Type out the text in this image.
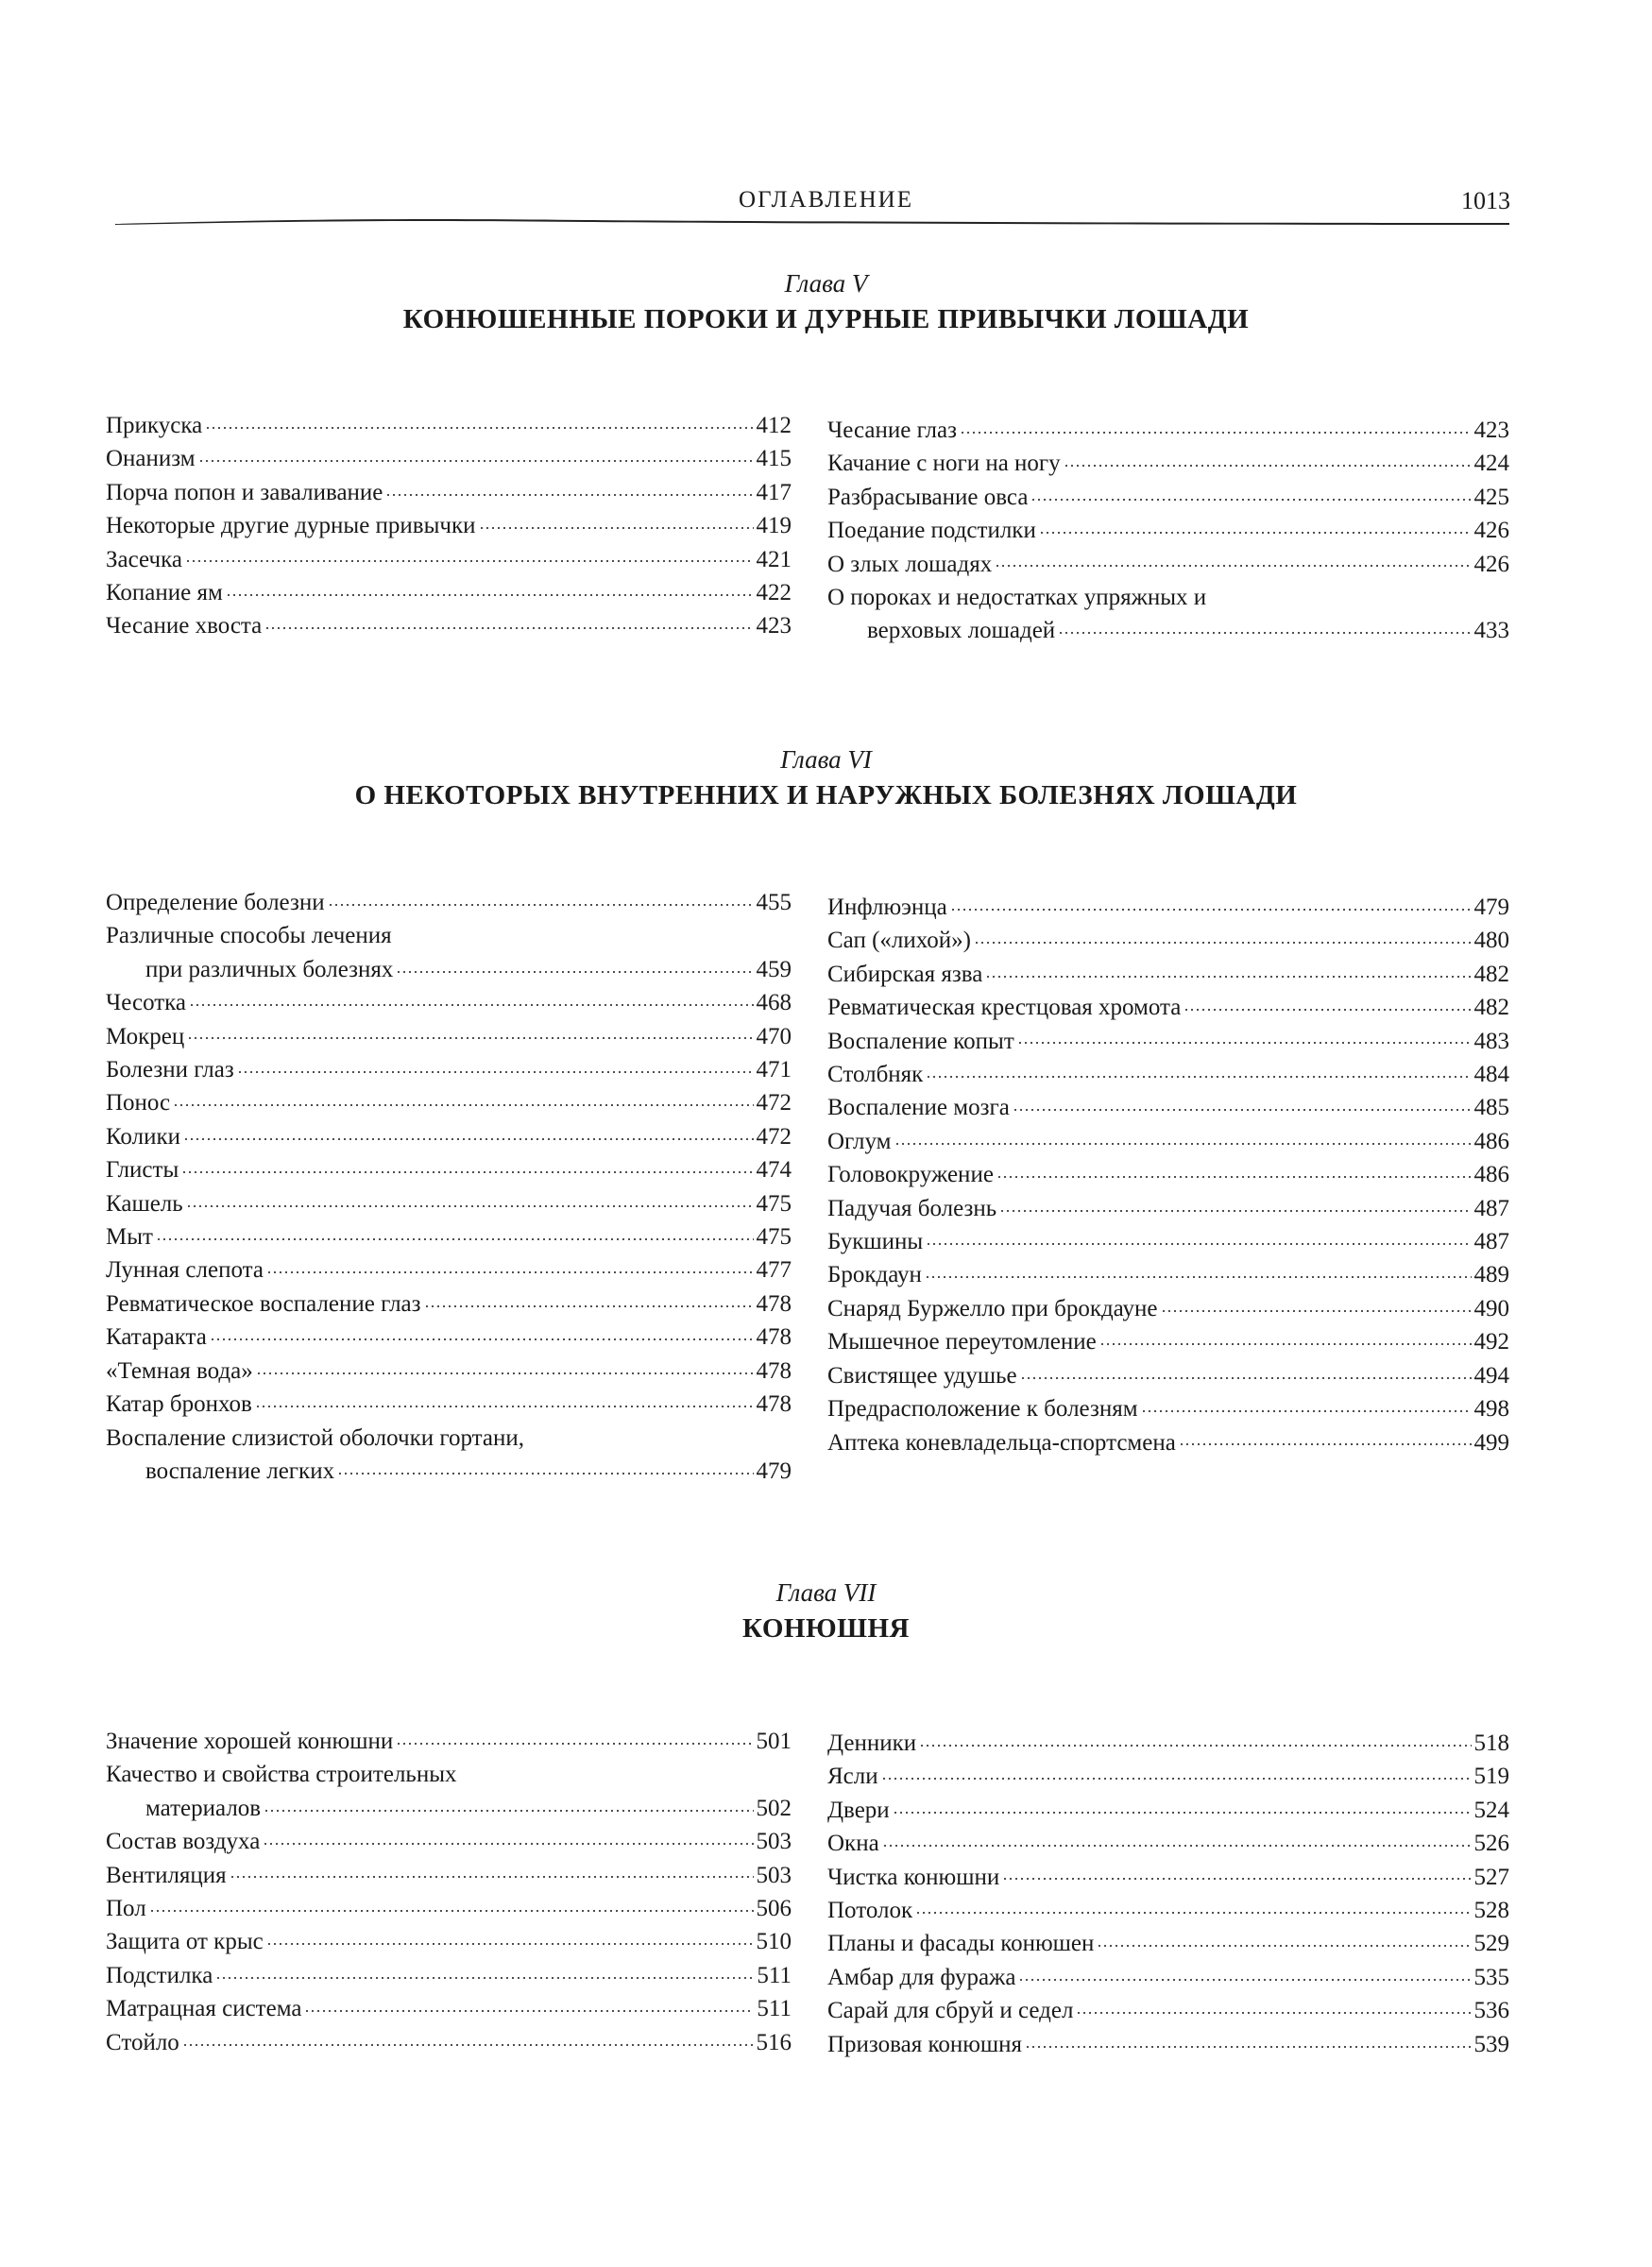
ОГЛАВЛЕНИЕ	1013
Глава V
КОНЮШЕННЫЕ ПОРОКИ И ДУРНЫЕ ПРИВЫЧКИ ЛОШАДИ
Прикуска	412
Онанизм	415
Порча попон и заваливание	417
Некоторые другие дурные привычки	419
Засечка	421
Копание ям	422
Чесание хвоста	423
Чесание глаз	423
Качание с ноги на ногу	424
Разбрасывание овса	425
Поедание подстилки	426
О злых лошадях	426
О пороках и недостатках упряжных и
верховых лошадей	433
Глава VI
О НЕКОТОРЫХ ВНУТРЕННИХ И НАРУЖНЫХ БОЛЕЗНЯХ ЛОШАДИ
Определение болезни	455
Различные способы лечения
при различных болезнях	459
Чесотка	468
Мокрец	470
Болезни глаз	471
Понос	472
Колики	472
Глисты	474
Кашель	475
Мыт	475
Лунная слепота	477
Ревматическое воспаление глаз	478
Катаракта	478
«Темная вода»	478
Катар бронхов	478
Воспаление слизистой оболочки гортани,
воспаление легких	479
Инфлюэнца	479
Сап («лихой»)	480
Сибирская язва	482
Ревматическая крестцовая хромота	482
Воспаление копыт	483
Столбняк	484
Воспаление мозга	485
Оглум	486
Головокружение	486
Падучая болезнь	487
Букшины	487
Брокдаун	489
Снаряд Буржелло при брокдауне	490
Мышечное переутомление	492
Свистящее удушье	494
Предрасположение к болезням	498
Аптека коневладельца-спортсмена	499
Глава VII
КОНЮШНЯ
Значение хорошей конюшни	501
Качество и свойства строительных
материалов	502
Состав воздуха	503
Вентиляция	503
Пол	506
Защита от крыс	510
Подстилка	511
Матрацная система	511
Стойло	516
Денники	518
Ясли	519
Двери	524
Окна	526
Чистка конюшни	527
Потолок	528
Планы и фасады конюшен	529
Амбар для фуража	535
Сарай для сбруй и седел	536
Призовая конюшня	539
